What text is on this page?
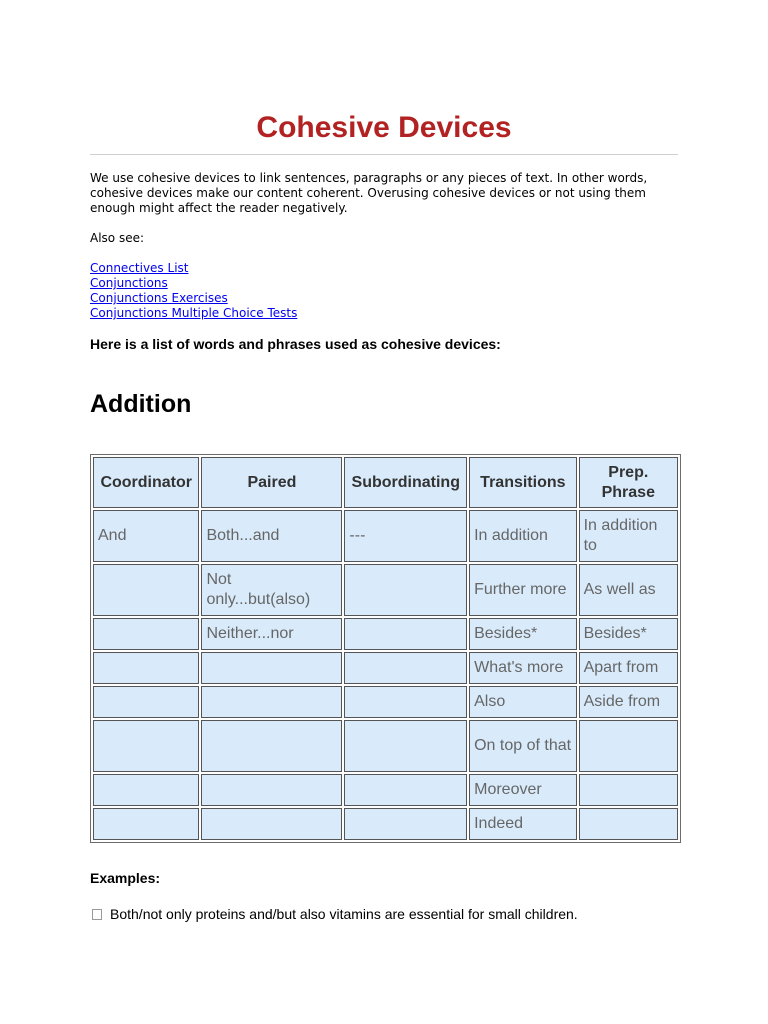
Cohesive Devices
We use cohesive devices to link sentences, paragraphs or any pieces of text. In other words, cohesive devices make our content coherent. Overusing cohesive devices or not using them enough might affect the reader negatively.
Also see:
Connectives List
Conjunctions
Conjunctions Exercises
Conjunctions Multiple Choice Tests
Here is a list of words and phrases used as cohesive devices:
Addition
Coordinator	Paired	Subordinating	Transitions	Prep. Phrase
And	Both...and	---	In addition	In addition to
	Not only...but(also)		Further more	As well as
	Neither...nor		Besides*	Besides*
			What's more	Apart from
			Also	Aside from
			On top of that	
			Moreover	
			Indeed	
Examples:
Both/not only proteins and/but also vitamins are essential for small children.
